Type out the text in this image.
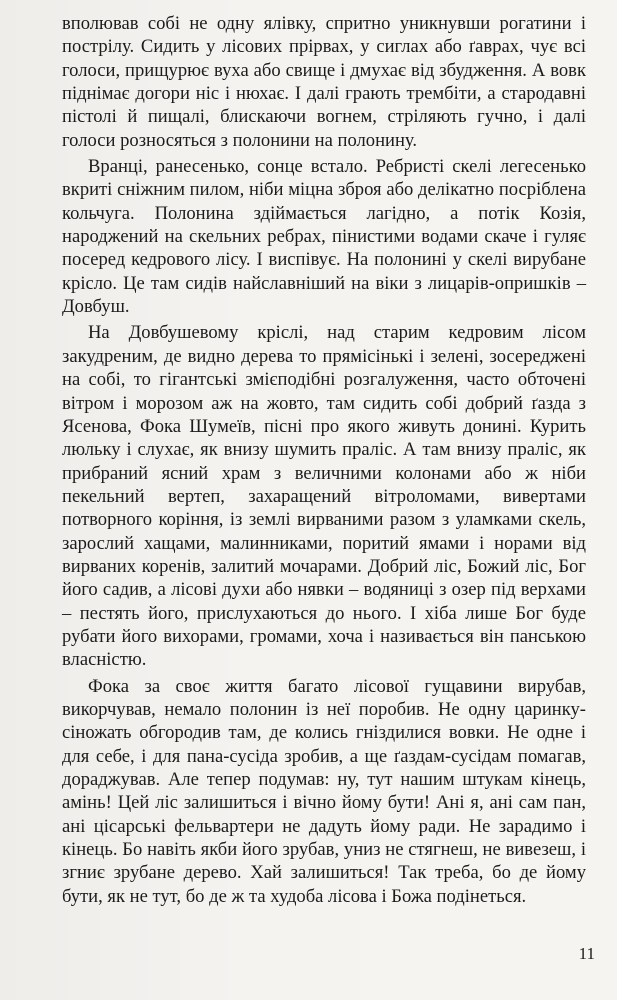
вполював собі не одну ялівку, спритно уникнувши рогатини і пострілу. Сидить у лісових прірвах, у сиглах або ґаврах, чує всі голоси, прищурює вуха або свище і дмухає від збудження. А вовк піднімає догори ніс і нюхає. І далі грають трембіти, а стародавні пістолі й пищалі, блискаючи вогнем, стріляють гучно, і далі голоси розносяться з полонини на полонину.

Вранці, ранесенько, сонце встало. Ребристі скелі легесенько вкриті сніжним пилом, ніби міцна зброя або делікатно посріблена кольчуга. Полонина здіймається лагідно, а потік Козія, народжений на скельних ребрах, пінистими водами скаче і гуляє посеред кедрового лісу. І виспівує. На полонині у скелі вирубане крісло. Це там сидів найславніший на віки з лицарів-опришків – Довбуш.

На Довбушевому кріслі, над старим кедровим лісом закудреним, де видно дерева то прямісінькі і зелені, зосереджені на собі, то гігантські змієподібні розгалуження, часто обточені вітром і морозом аж на жовто, там сидить собі добрий ґазда з Ясенова, Фока Шумеїв, пісні про якого живуть донині. Курить люльку і слухає, як внизу шумить праліс. А там внизу праліс, як прибраний ясний храм з величними колонами або ж ніби пекельний вертеп, захаращений вітроломами, вивертами потворного коріння, із землі вирваними разом з уламками скель, зарослий хащами, малинниками, поритий ямами і норами від вирваних коренів, залитий мочарами. Добрий ліс, Божий ліс, Бог його садив, а лісові духи або нявки – водяниці з озер під верхами – пестять його, прислухаються до нього. І хіба лише Бог буде рубати його вихорами, громами, хоча і називається він панською власністю.

Фока за своє життя багато лісової гущавини вирубав, викорчував, немало полонин із неї поробив. Не одну царинку-сіножать обгородив там, де колись гніздилися вовки. Не одне і для себе, і для пана-сусіда зробив, а ще ґаздам-сусідам помагав, дораджував. Але тепер подумав: ну, тут нашим штукам кінець, амінь! Цей ліс залишиться і вічно йому бути! Ані я, ані сам пан, ані цісарські фельвартери не дадуть йому ради. Не зарадимо і кінець. Бо навіть якби його зрубав, униз не стягнеш, не вивезеш, і згниє зрубане дерево. Хай залишиться! Так треба, бо де йому бути, як не тут, бо де ж та худоба лісова і Божа подінеться.

11
